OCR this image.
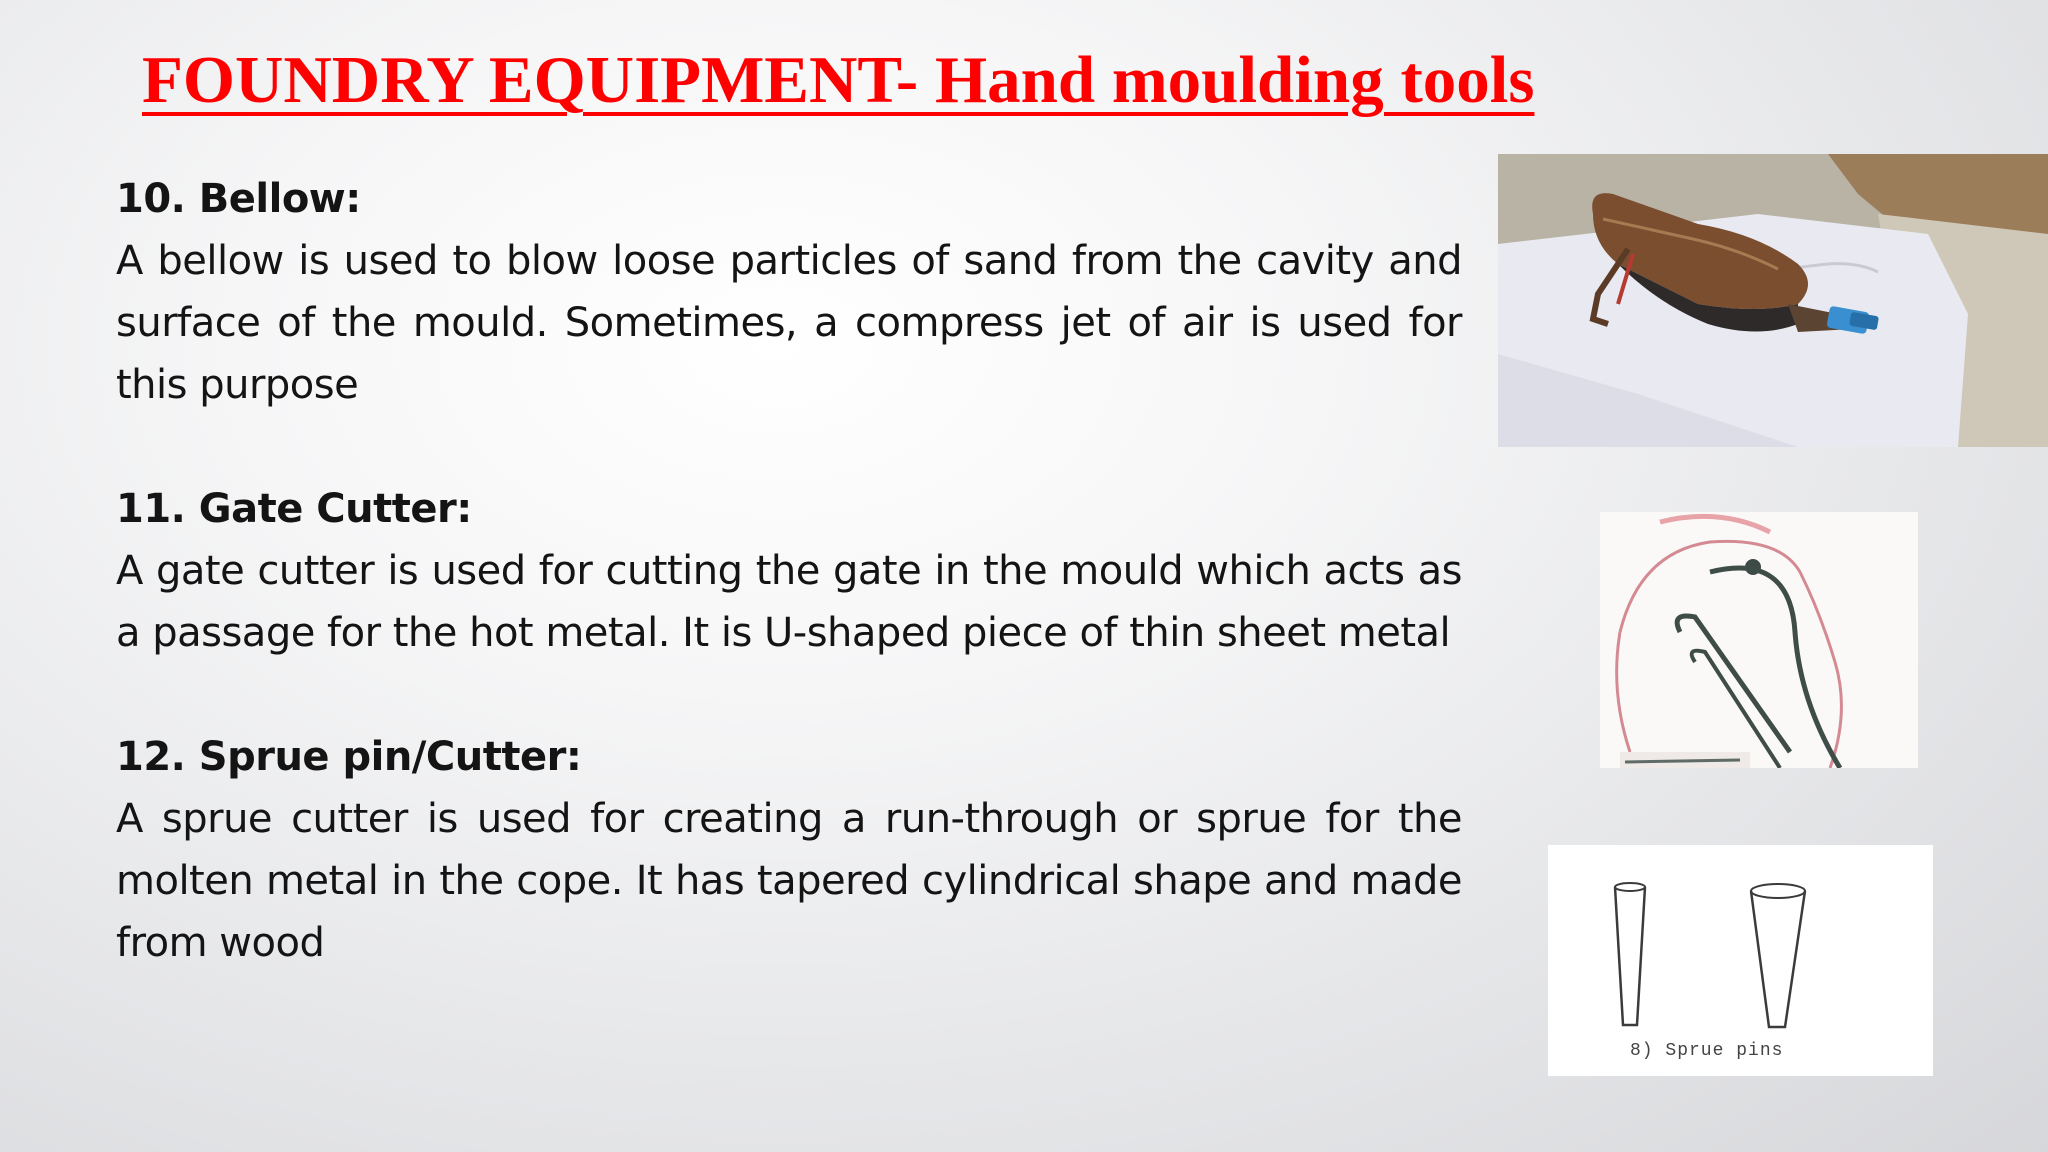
FOUNDRY EQUIPMENT- Hand moulding tools

10. Bellow:

A bellow is used to blow loose particles of sand from the cavity and surface of the mould. Sometimes, a compress jet of air is used for this purpose

11. Gate Cutter:

A gate cutter is used for cutting the gate in the mould which acts as a passage for the hot metal. It is U-shaped piece of thin sheet metal

12. Sprue pin/Cutter:

A sprue cutter is used for creating a run-through or sprue for the molten metal in the cope. It has tapered cylindrical shape and made from wood

8) Sprue pins
